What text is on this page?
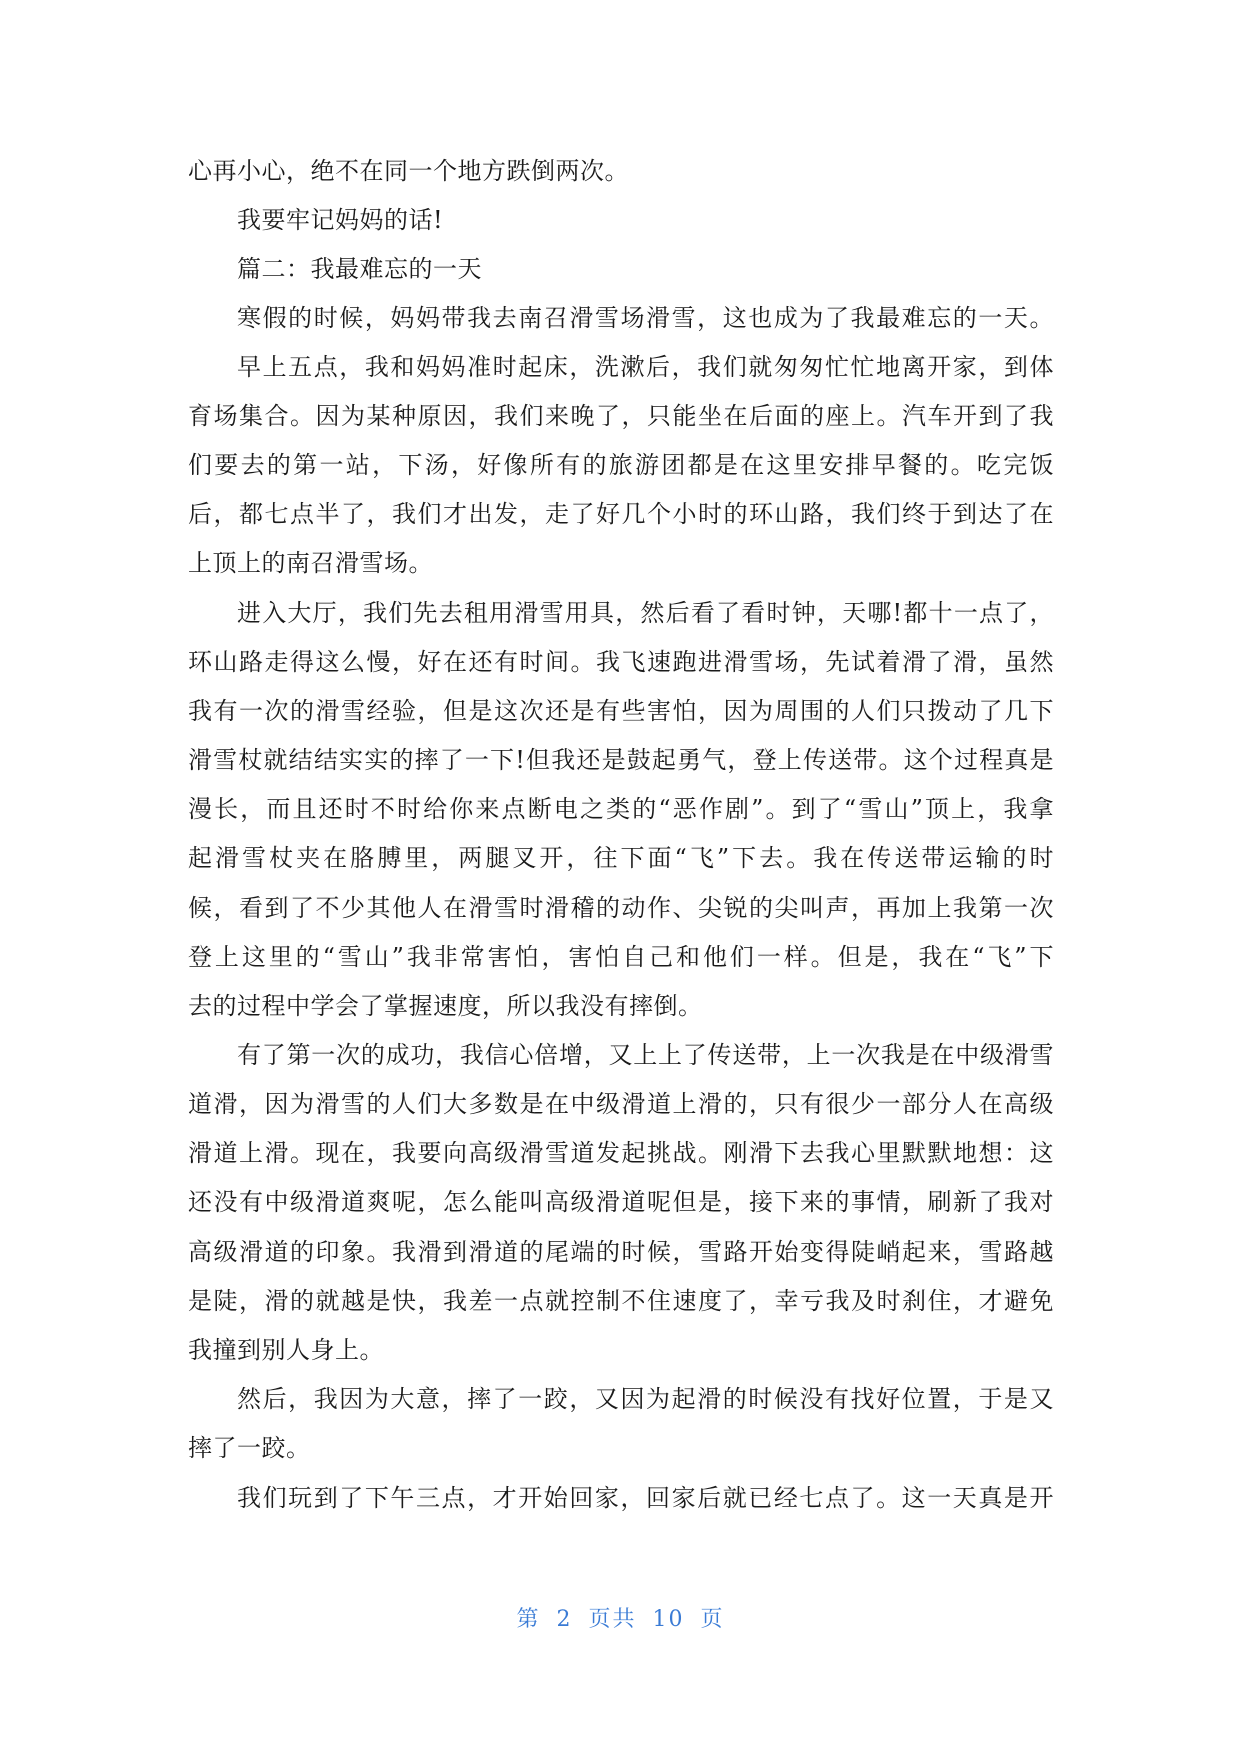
心再小心，绝不在同一个地方跌倒两次。
我要牢记妈妈的话!
篇二：我最难忘的一天
寒假的时候，妈妈带我去南召滑雪场滑雪，这也成为了我最难忘的一天。
早上五点，我和妈妈准时起床，洗漱后，我们就匆匆忙忙地离开家，到体
育场集合。因为某种原因，我们来晚了，只能坐在后面的座上。汽车开到了我
们要去的第一站，下汤，好像所有的旅游团都是在这里安排早餐的。吃完饭
后，都七点半了，我们才出发，走了好几个小时的环山路，我们终于到达了在
上顶上的南召滑雪场。
进入大厅，我们先去租用滑雪用具，然后看了看时钟，天哪!都十一点了，
环山路走得这么慢，好在还有时间。我飞速跑进滑雪场，先试着滑了滑，虽然
我有一次的滑雪经验，但是这次还是有些害怕，因为周围的人们只拨动了几下
滑雪杖就结结实实的摔了一下!但我还是鼓起勇气，登上传送带。这个过程真是
漫长，而且还时不时给你来点断电之类的“恶作剧”。到了“雪山”顶上，我拿
起滑雪杖夹在胳膊里，两腿叉开，往下面“飞”下去。我在传送带运输的时
候，看到了不少其他人在滑雪时滑稽的动作、尖锐的尖叫声，再加上我第一次
登上这里的“雪山”我非常害怕，害怕自己和他们一样。但是，我在“飞”下
去的过程中学会了掌握速度，所以我没有摔倒。
有了第一次的成功，我信心倍增，又上上了传送带，上一次我是在中级滑雪
道滑，因为滑雪的人们大多数是在中级滑道上滑的，只有很少一部分人在高级
滑道上滑。现在，我要向高级滑雪道发起挑战。刚滑下去我心里默默地想：这
还没有中级滑道爽呢，怎么能叫高级滑道呢但是，接下来的事情，刷新了我对
高级滑道的印象。我滑到滑道的尾端的时候，雪路开始变得陡峭起来，雪路越
是陡，滑的就越是快，我差一点就控制不住速度了，幸亏我及时刹住，才避免
我撞到别人身上。
然后，我因为大意，摔了一跤，又因为起滑的时候没有找好位置，于是又
摔了一跤。
我们玩到了下午三点，才开始回家，回家后就已经七点了。这一天真是开
第 2 页共 10 页
